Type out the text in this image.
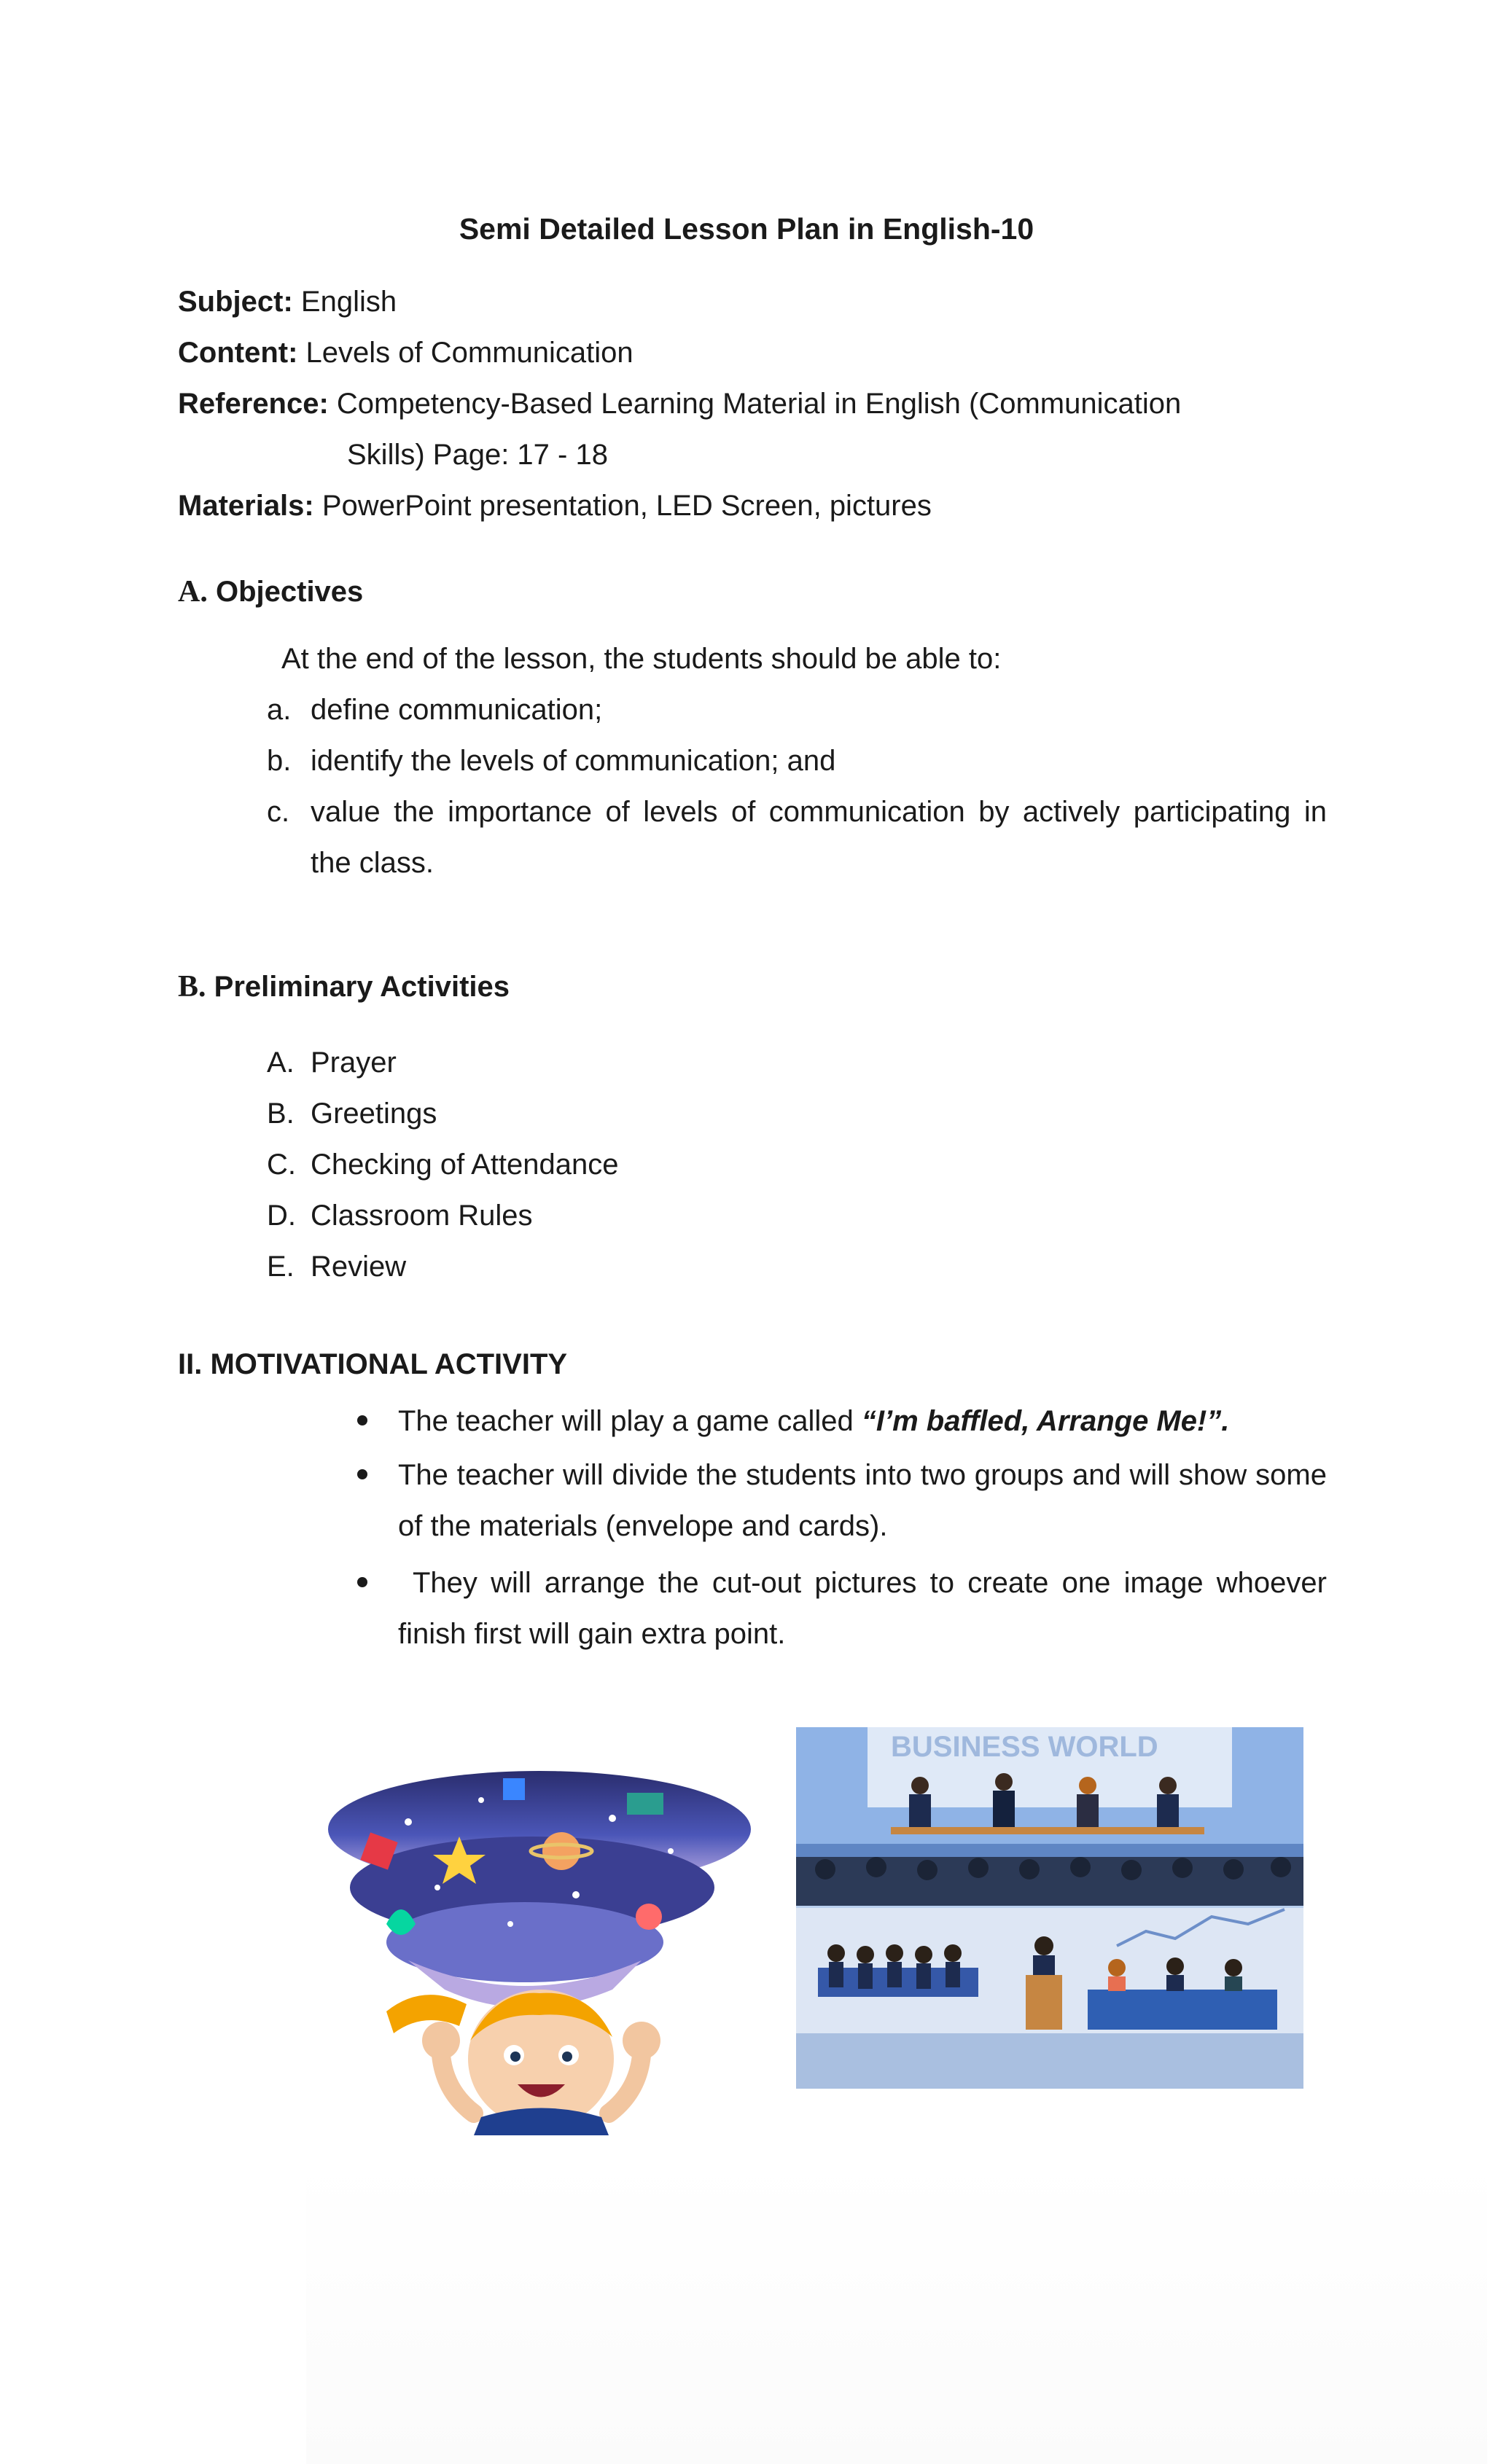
Semi Detailed Lesson Plan in English-10
Subject: English
Content: Levels of Communication
Reference: Competency-Based Learning Material in English (Communication
Skills) Page: 17 - 18
Materials: PowerPoint presentation, LED Screen, pictures
A. Objectives
At the end of the lesson, the students should be able to:
a. define communication;
b. identify the levels of communication; and
c. value the importance of levels of communication by actively participating in
the class.
B. Preliminary Activities
A. Prayer
B. Greetings
C. Checking of Attendance
D. Classroom Rules
E. Review
II. MOTIVATIONAL ACTIVITY
The teacher will play a game called “I’m baffled, Arrange Me!”.
The teacher will divide the students into two groups and will show some
of the materials (envelope and cards).
They will arrange the cut-out pictures to create one image whoever
finish first will gain extra point.
BUSINESS WORLD
